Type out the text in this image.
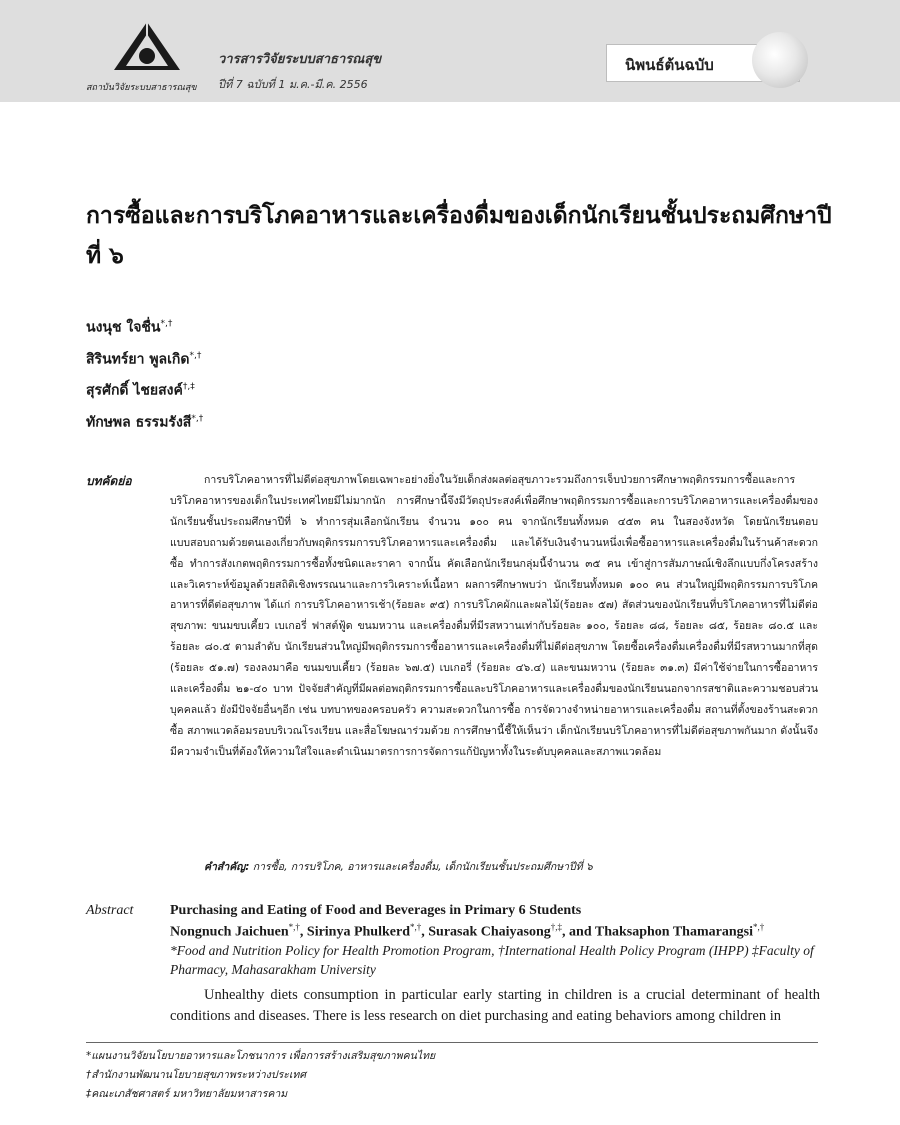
สถาบันวิจัยระบบสาธารณสุข
วารสารวิจัยระบบสาธารณสุข
ปีที่ 7 ฉบับที่ 1 ม.ค.-มี.ค. 2556
นิพนธ์ต้นฉบับ
การซื้อและการบริโภคอาหารและเครื่องดื่มของเด็กนักเรียนชั้นประถมศึกษาปีที่ ๖
นงนุช ใจชื่น*,†
สิรินทร์ยา พูลเกิด*,†
สุรศักดิ์ ไชยสงค์†,‡
ทักษพล ธรรมรังสี*,†
บทคัดย่อ	การบริโภคอาหารที่ไม่ดีต่อสุขภาพโดยเฉพาะอย่างยิ่งในวัยเด็กส่งผลต่อสุขภาวะรวมถึงการเจ็บป่วยการศึกษาพฤติกรรมการซื้อและการบริโภคอาหารของเด็กในประเทศไทยมีไม่มากนัก การศึกษานี้จึงมีวัตถุประสงค์เพื่อศึกษาพฤติกรรมการซื้อและการบริโภคอาหารและเครื่องดื่มของนักเรียนชั้นประถมศึกษาปีที่ ๖ ทำการสุ่มเลือกนักเรียน จำนวน ๑๐๐ คน จากนักเรียนทั้งหมด ๔๕๓ คน ในสองจังหวัด โดยนักเรียนตอบแบบสอบถามด้วยตนเองเกี่ยวกับพฤติกรรมการบริโภคอาหารและเครื่องดื่ม และได้รับเงินจำนวนหนึ่งเพื่อซื้ออาหารและเครื่องดื่มในร้านค้าสะดวกซื้อ ทำการสังเกตพฤติกรรมการซื้อทั้งชนิดและราคา จากนั้น คัดเลือกนักเรียนกลุ่มนี้จำนวน ๓๕ คน เข้าสู่การสัมภาษณ์เชิงลึกแบบกึ่งโครงสร้างและวิเคราะห์ข้อมูลด้วยสถิติเชิงพรรณนาและการวิเคราะห์เนื้อหา ผลการศึกษาพบว่า นักเรียนทั้งหมด ๑๐๐ คน ส่วนใหญ่มีพฤติกรรมการบริโภคอาหารที่ดีต่อสุขภาพ ได้แก่ การบริโภคอาหารเช้า(ร้อยละ ๙๕) การบริโภคผักและผลไม้(ร้อยละ ๕๗) สัดส่วนของนักเรียนที่บริโภคอาหารที่ไม่ดีต่อสุขภาพ: ขนมขบเคี้ยว เบเกอรี่ ฟาสต์ฟู้ด ขนมหวาน และเครื่องดื่มที่มีรสหวานเท่ากับร้อยละ ๑๐๐, ร้อยละ ๘๘, ร้อยละ ๘๕, ร้อยละ ๘๐.๕ และ ร้อยละ ๘๐.๕ ตามลำดับ นักเรียนส่วนใหญ่มีพฤติกรรมการซื้ออาหารและเครื่องดื่มที่ไม่ดีต่อสุขภาพ โดยซื้อเครื่องดื่มเครื่องดื่มที่มีรสหวานมากที่สุด (ร้อยละ ๕๑.๗) รองลงมาคือ ขนมขบเคี้ยว (ร้อยละ ๖๗.๕) เบเกอรี่ (ร้อยละ ๔๖.๔) และขนมหวาน (ร้อยละ ๓๑.๓) มีค่าใช้จ่ายในการซื้ออาหารและเครื่องดื่ม ๒๑-๔๐ บาท ปัจจัยสำคัญที่มีผลต่อพฤติกรรมการซื้อและบริโภคอาหารและเครื่องดื่มของนักเรียนนอกจากรสชาติและความชอบส่วนบุคคลแล้ว ยังมีปัจจัยอื่นๆอีก เช่น บทบาทของครอบครัว ความสะดวกในการซื้อ การจัดวางจำหน่ายอาหารและเครื่องดื่ม สถานที่ตั้งของร้านสะดวกซื้อ สภาพแวดล้อมรอบบริเวณโรงเรียน และสื่อโฆษณาร่วมด้วย การศึกษานี้ชี้ให้เห็นว่า เด็กนักเรียนบริโภคอาหารที่ไม่ดีต่อสุขภาพกันมาก ดังนั้นจึงมีความจำเป็นที่ต้องให้ความใส่ใจและดำเนินมาตรการการจัดการแก้ปัญหาทั้งในระดับบุคคลและสภาพแวดล้อม

คำสำคัญ: การซื้อ, การบริโภค, อาหารและเครื่องดื่ม, เด็กนักเรียนชั้นประถมศึกษาปีที่ ๖
Abstract	Purchasing and Eating of Food and Beverages in Primary 6 Students
Nongnuch Jaichuen*,†, Sirinya Phulkerd*,†, Surasak Chaiyasong†,‡, and Thaksaphon Thamarangsi*,†

*Food and Nutrition Policy for Health Promotion Program, †International Health Policy Program (IHPP) ‡Faculty of Pharmacy, Mahasarakham University

Unhealthy diets consumption in particular early starting in children is a crucial determinant of health conditions and diseases. There is less research on diet purchasing and eating behaviors among children in

*แผนงานวิจัยนโยบายอาหารและโภชนาการ เพื่อการสร้างเสริมสุขภาพคนไทย
†สำนักงานพัฒนานโยบายสุขภาพระหว่างประเทศ
‡คณะเภสัชศาสตร์ มหาวิทยาลัยมหาสารคาม
